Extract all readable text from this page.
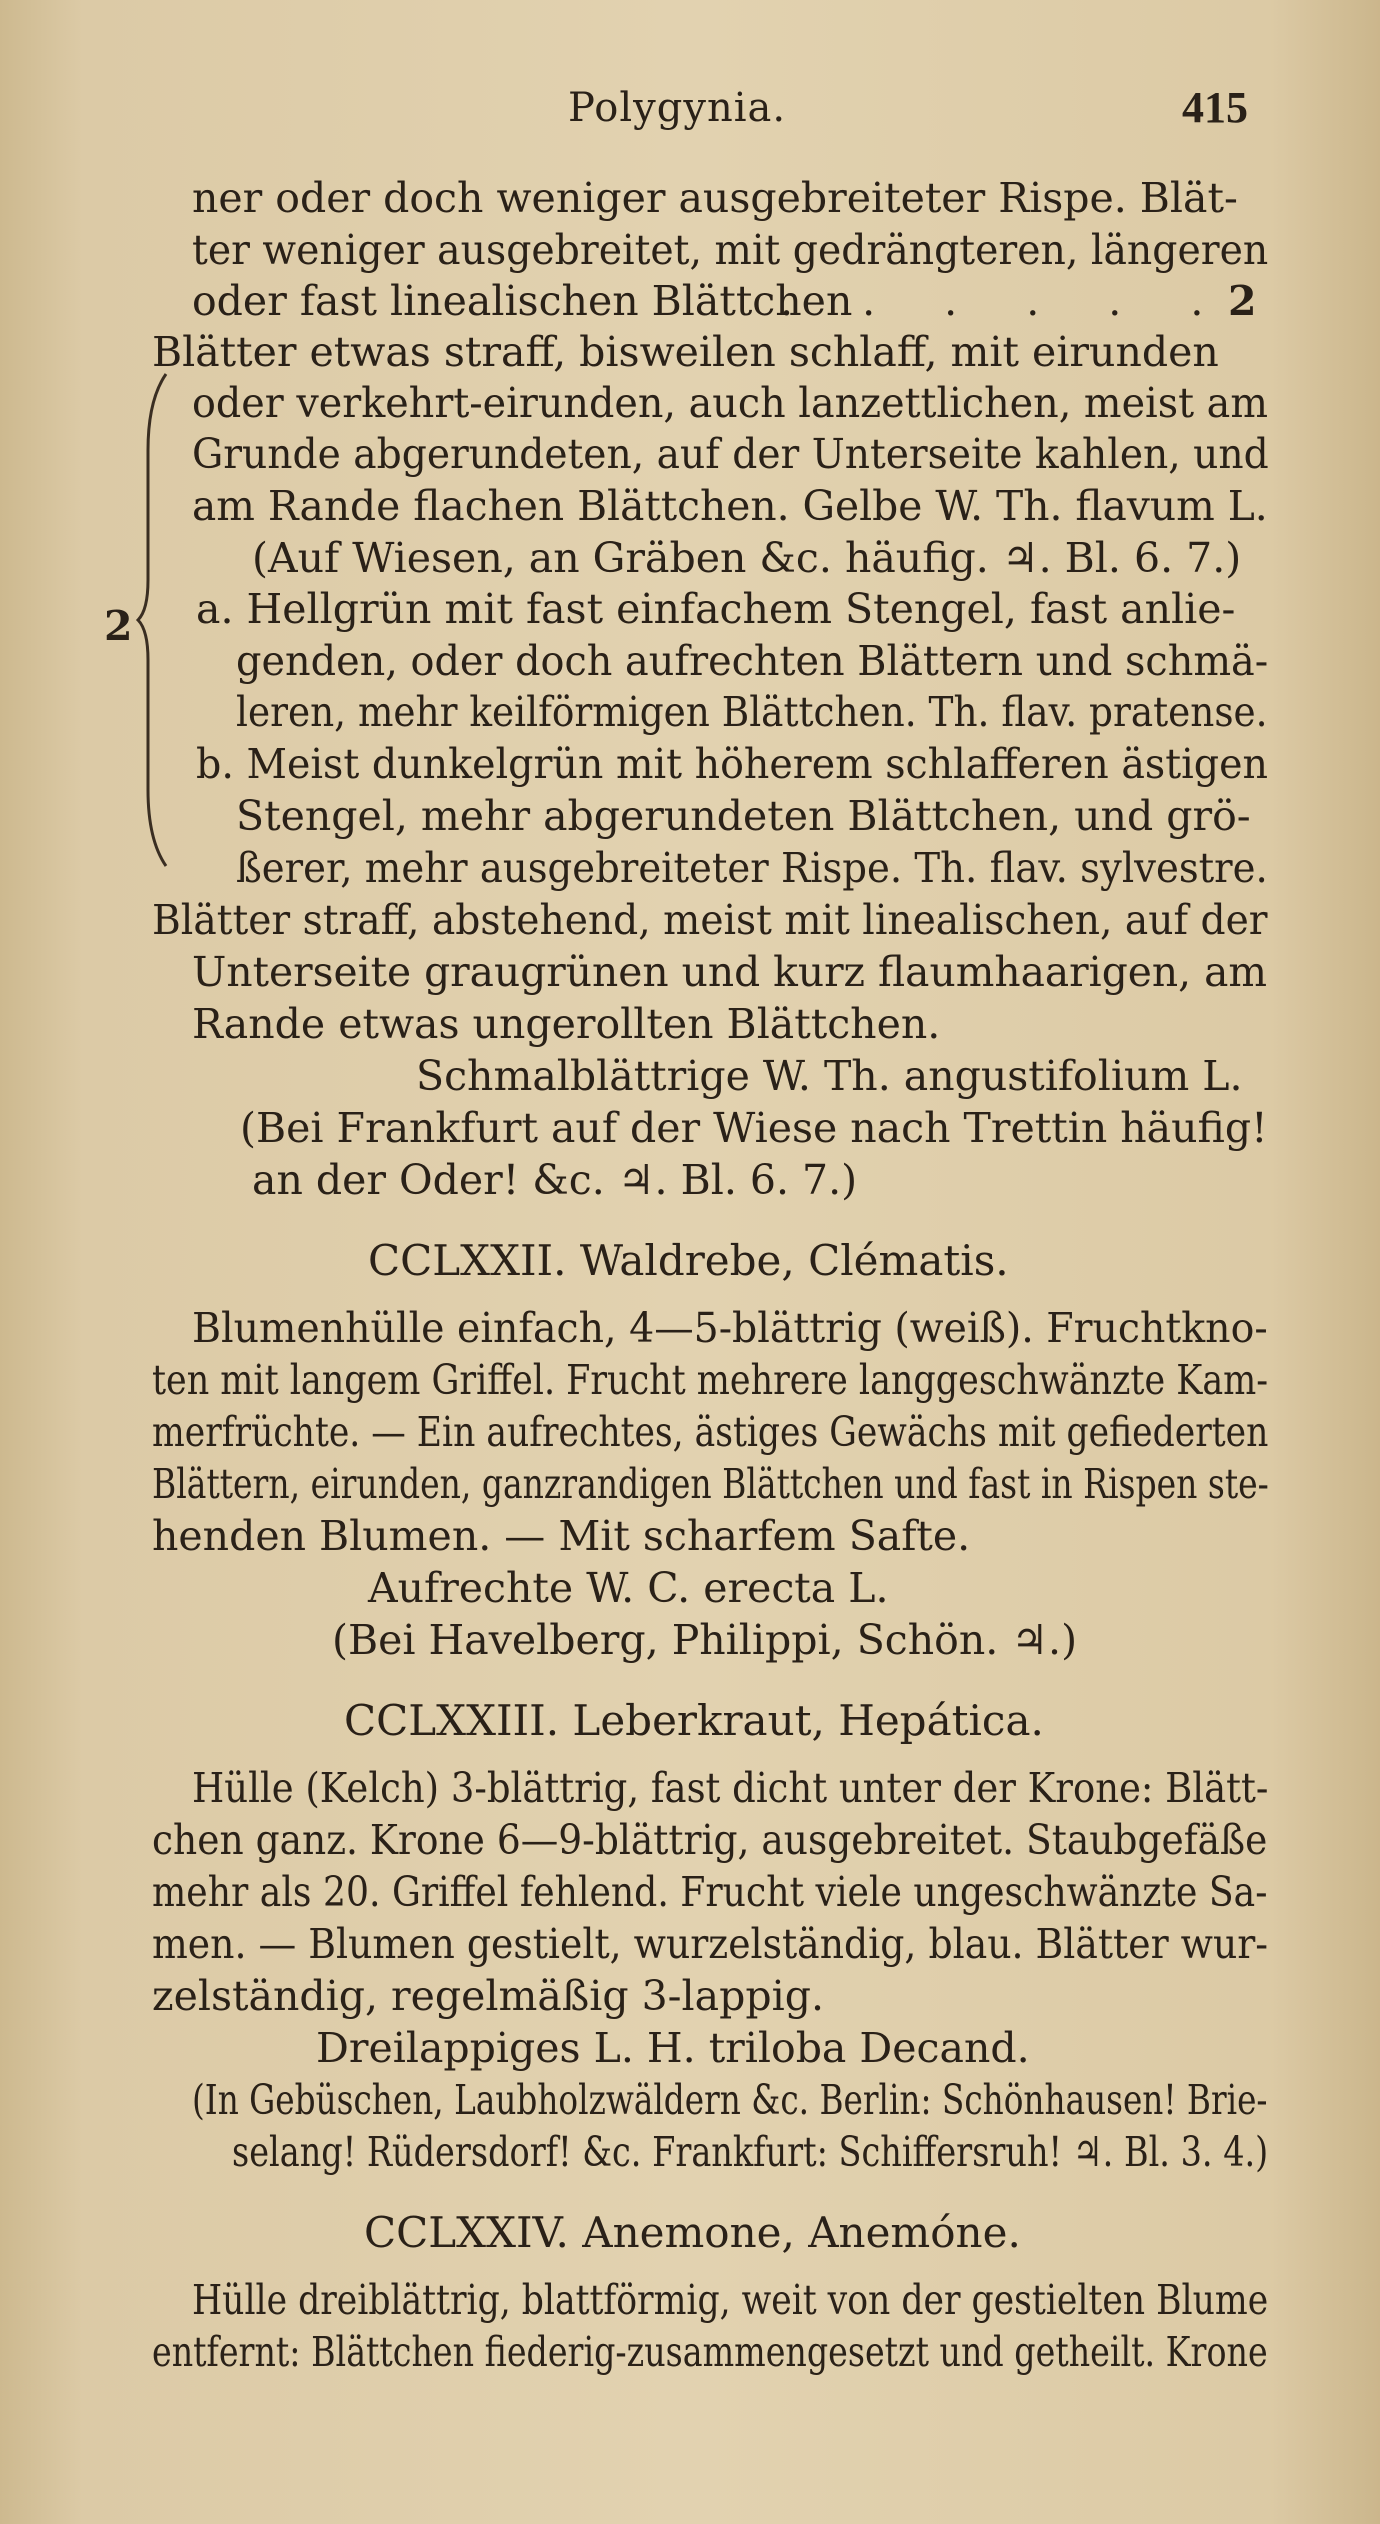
Polygynia.	415
ner oder doch weniger ausgebreiteter Rispe. Blät-
ter weniger ausgebreitet, mit gedrängteren, längeren
oder fast linealischen Blättchen
. . . . . .
2
Blätter etwas straff, bisweilen schlaff, mit eirunden
oder verkehrt-eirunden, auch lanzettlichen, meist am
Grunde abgerundeten, auf der Unterseite kahlen, und
am Rande flachen Blättchen. Gelbe W. Th. flavum L.
(Auf Wiesen, an Gräben &c. häufig. ♃. Bl. 6. 7.)
2 a. Hellgrün mit fast einfachem Stengel, fast anlie-
genden, oder doch aufrechten Blättern und schmä-
leren, mehr keilförmigen Blättchen. Th. flav. pratense.
b. Meist dunkelgrün mit höherem schlafferen ästigen
Stengel, mehr abgerundeten Blättchen, und grö-
ßerer, mehr ausgebreiteter Rispe. Th. flav. sylvestre.
Blätter straff, abstehend, meist mit linealischen, auf der
Unterseite graugrünen und kurz flaumhaarigen, am
Rande etwas ungerollten Blättchen.
Schmalblättrige W. Th. angustifolium L.
(Bei Frankfurt auf der Wiese nach Trettin häufig!
an der Oder! &c. ♃. Bl. 6. 7.)
CCLXXII. Waldrebe, Clématis.
Blumenhülle einfach, 4—5-blättrig (weiß). Fruchtkno-
ten mit langem Griffel. Frucht mehrere langgeschwänzte Kam-
merfrüchte. — Ein aufrechtes, ästiges Gewächs mit gefiederten
Blättern, eirunden, ganzrandigen Blättchen und fast in Rispen ste-
henden Blumen. — Mit scharfem Safte.
Aufrechte W. C. erecta L.
(Bei Havelberg, Philippi, Schön. ♃.)
CCLXXIII. Leberkraut, Hepática.
Hülle (Kelch) 3-blättrig, fast dicht unter der Krone: Blätt-
chen ganz. Krone 6—9-blättrig, ausgebreitet. Staubgefäße
mehr als 20. Griffel fehlend. Frucht viele ungeschwänzte Sa-
men. — Blumen gestielt, wurzelständig, blau. Blätter wur-
zelständig, regelmäßig 3-lappig.
Dreilappiges L. H. triloba Decand.
(In Gebüschen, Laubholzwäldern &c. Berlin: Schönhausen! Brie-
selang! Rüdersdorf! &c. Frankfurt: Schiffersruh! ♃. Bl. 3. 4.)
CCLXXIV. Anemone, Anemóne.
Hülle dreiblättrig, blattförmig, weit von der gestielten Blume
entfernt: Blättchen fiederig-zusammengesetzt und getheilt. Krone
